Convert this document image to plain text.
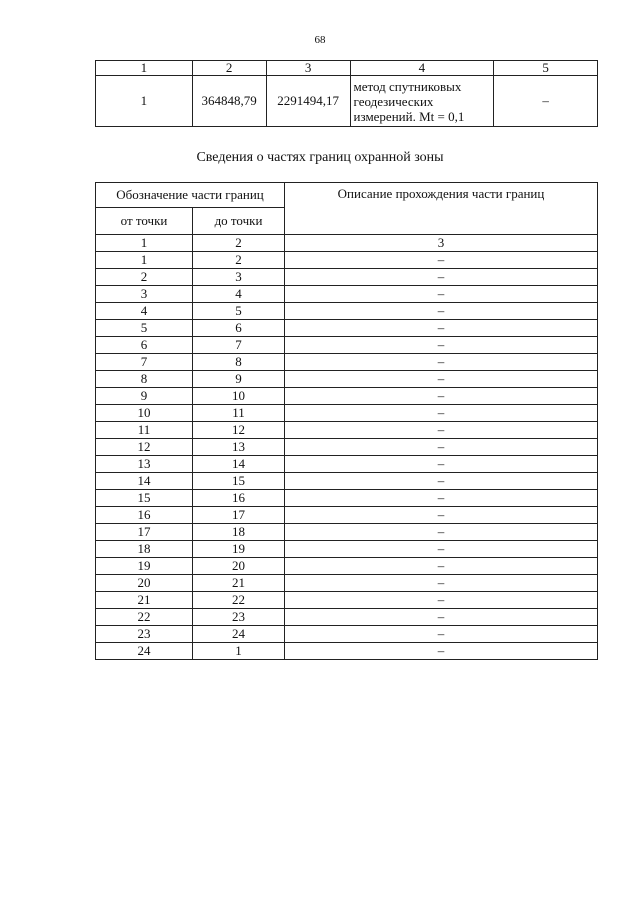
68
1	2	3	4	5
1	364848,79	2291494,17	метод спутниковых
геодезических
измерений. Mt = 0,1	–
Сведения о частях границ охранной зоны
Обозначение части границ		Описание прохождения части границ
от точки	до точки	
1	2	3
1	2	–
2	3	–
3	4	–
4	5	–
5	6	–
6	7	–
7	8	–
8	9	–
9	10	–
10	11	–
11	12	–
12	13	–
13	14	–
14	15	–
15	16	–
16	17	–
17	18	–
18	19	–
19	20	–
20	21	–
21	22	–
22	23	–
23	24	–
24	1	–
